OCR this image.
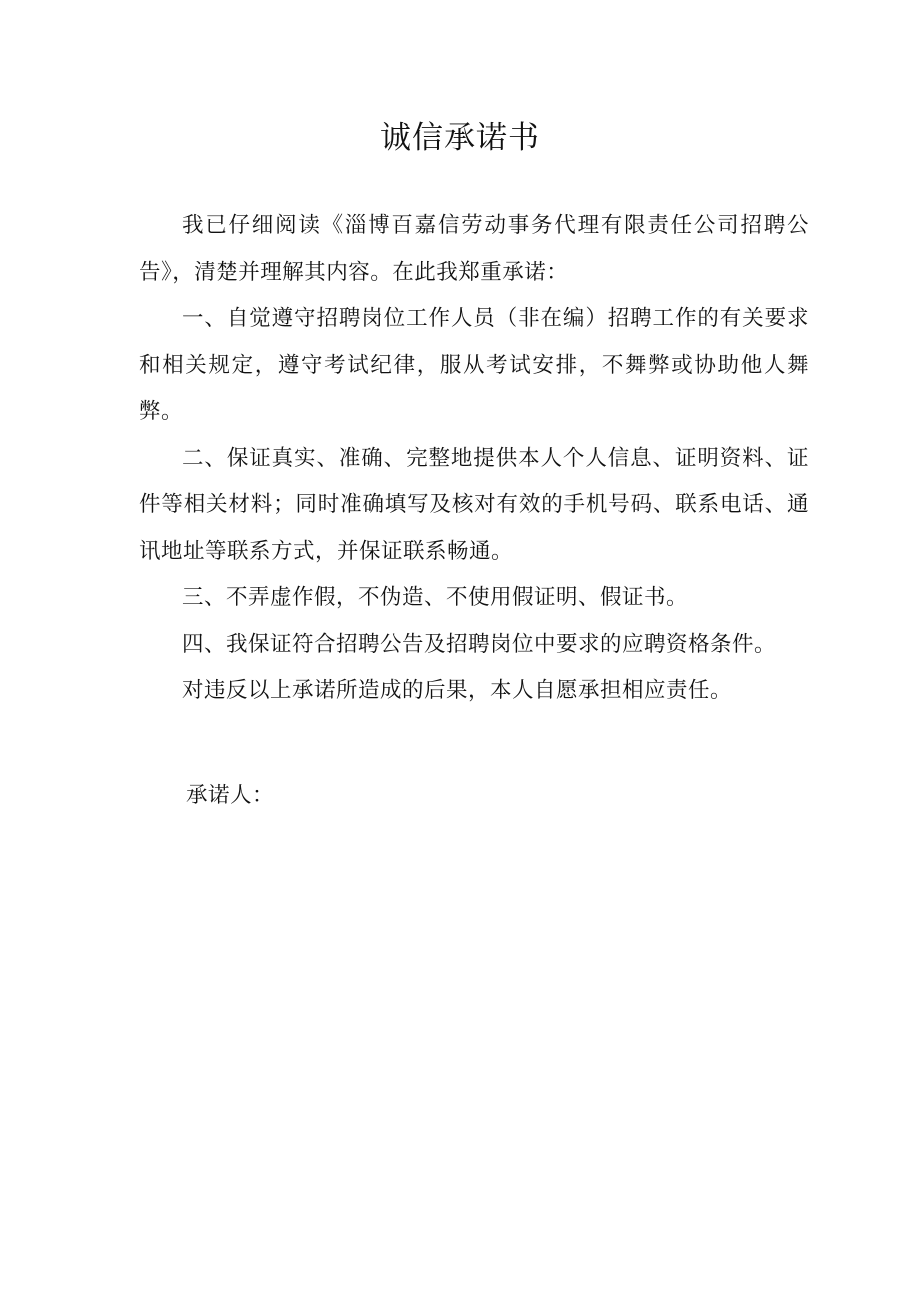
诚信承诺书

我已仔细阅读《淄博百嘉信劳动事务代理有限责任公司招聘公告》，清楚并理解其内容。在此我郑重承诺：

一、自觉遵守招聘岗位工作人员（非在编）招聘工作的有关要求和相关规定，遵守考试纪律，服从考试安排，不舞弊或协助他人舞弊。

二、保证真实、准确、完整地提供本人个人信息、证明资料、证件等相关材料；同时准确填写及核对有效的手机号码、联系电话、通讯地址等联系方式，并保证联系畅通。

三、不弄虚作假，不伪造、不使用假证明、假证书。

四、我保证符合招聘公告及招聘岗位中要求的应聘资格条件。

对违反以上承诺所造成的后果，本人自愿承担相应责任。

承诺人：
